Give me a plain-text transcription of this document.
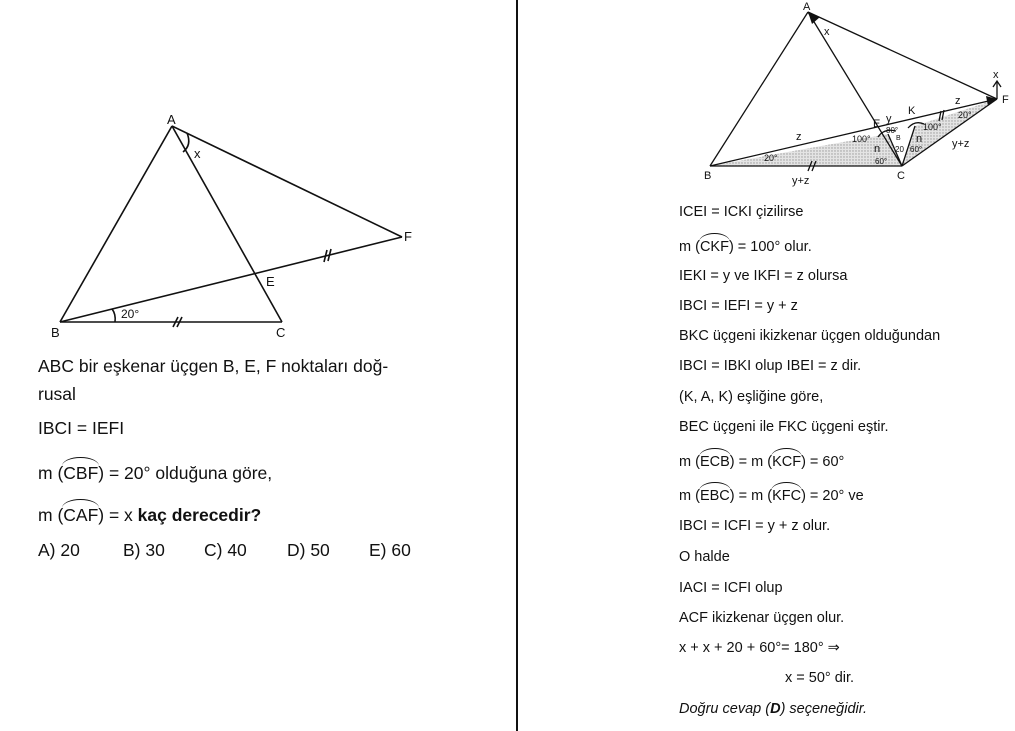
A
B	C
E
F
x
20°
ABC bir eşkenar üçgen B, E, F noktaları doğ-
rusal
IBCI = IEFI
m (CBF) = 20° olduğuna göre,
m (CAF) = x kaç derecedir?
A) 20 B) 30 C) 40 D) 50 E) 60
A
B	C
E
F
K
x
x
y
z
z
y+z
y+z
100°
100°
80°
60°
60°
20
20°
20°
n
n
B
ICEI = ICKI çizilirse
m (CKF) = 100° olur.
IEKI = y ve IKFI = z olursa
IBCI = IEFI = y + z
BKC üçgeni ikizkenar üçgen olduğundan
IBCI = IBKI olup IBEI = z dir.
(K, A, K) eşliğine göre,
BEC üçgeni ile FKC üçgeni eştir.
m (ECB) = m (KCF) = 60°
m (EBC) = m (KFC) = 20° ve
IBCI = ICFI = y + z olur.
O halde
IACI = ICFI olup
ACF ikizkenar üçgen olur.
x + x + 20 + 60°= 180° ⇒
x = 50° dir.
Doğru cevap (D) seçeneğidir.
